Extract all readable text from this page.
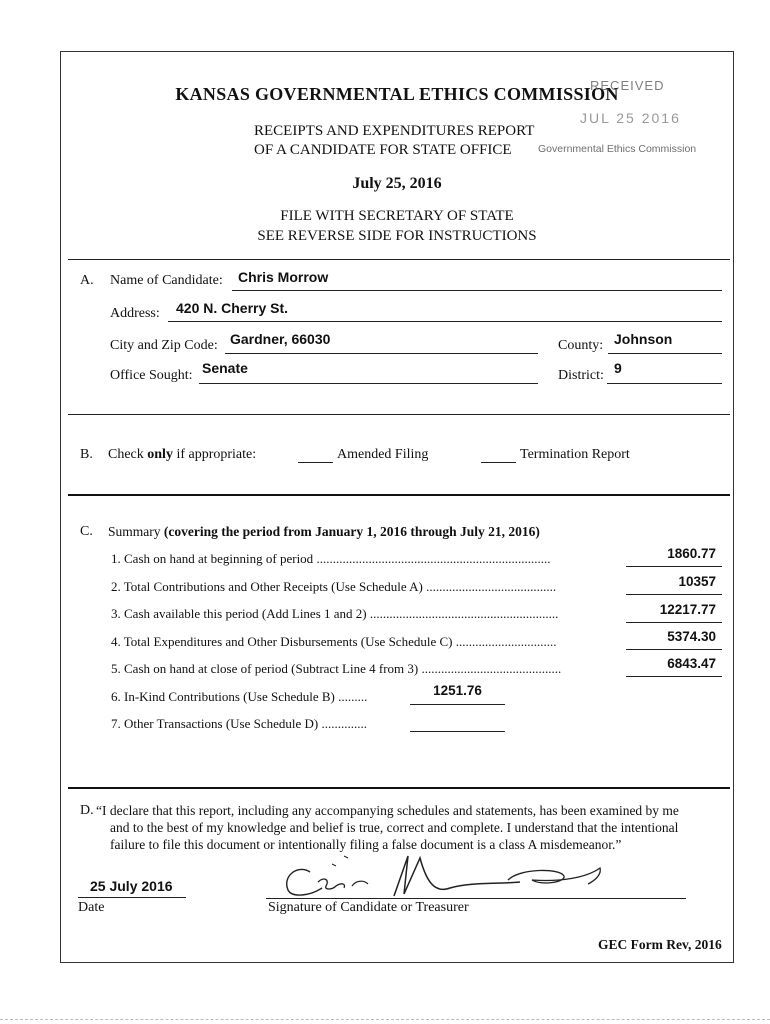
KANSAS GOVERNMENTAL ETHICS COMMISSION
RECEIVED
JUL 25 2016
Governmental Ethics Commission
RECEIPTS AND EXPENDITURES REPORT
OF A CANDIDATE FOR STATE OFFICE
July 25, 2016
FILE WITH SECRETARY OF STATE
SEE REVERSE SIDE FOR INSTRUCTIONS
A. Name of Candidate: Chris Morrow
Address: 420 N. Cherry St.
City and Zip Code: Gardner, 66030	County: Johnson
Office Sought: Senate	District: 9
B. Check only if appropriate:	Amended Filing	Termination Report
C. Summary (covering the period from January 1, 2016 through July 21, 2016)
1. Cash on hand at beginning of period ........................................................................	1860.77
2. Total Contributions and Other Receipts (Use Schedule A) ........................................	10357
3. Cash available this period (Add Lines 1 and 2) ..........................................................	12217.77
4. Total Expenditures and Other Disbursements (Use Schedule C) ...............................	5374.30
5. Cash on hand at close of period (Subtract Line 4 from 3) ...........................................	6843.47
6. In-Kind Contributions (Use Schedule B) .........	1251.76
7. Other Transactions (Use Schedule D) ..............
D. “I declare that this report, including any accompanying schedules and statements, has been examined by me
and to the best of my knowledge and belief is true, correct and complete. I understand that the intentional
failure to file this document or intentionally filing a false document is a class A misdemeanor.”
25 July 2016
Date	Signature of Candidate or Treasurer
GEC Form Rev, 2016
